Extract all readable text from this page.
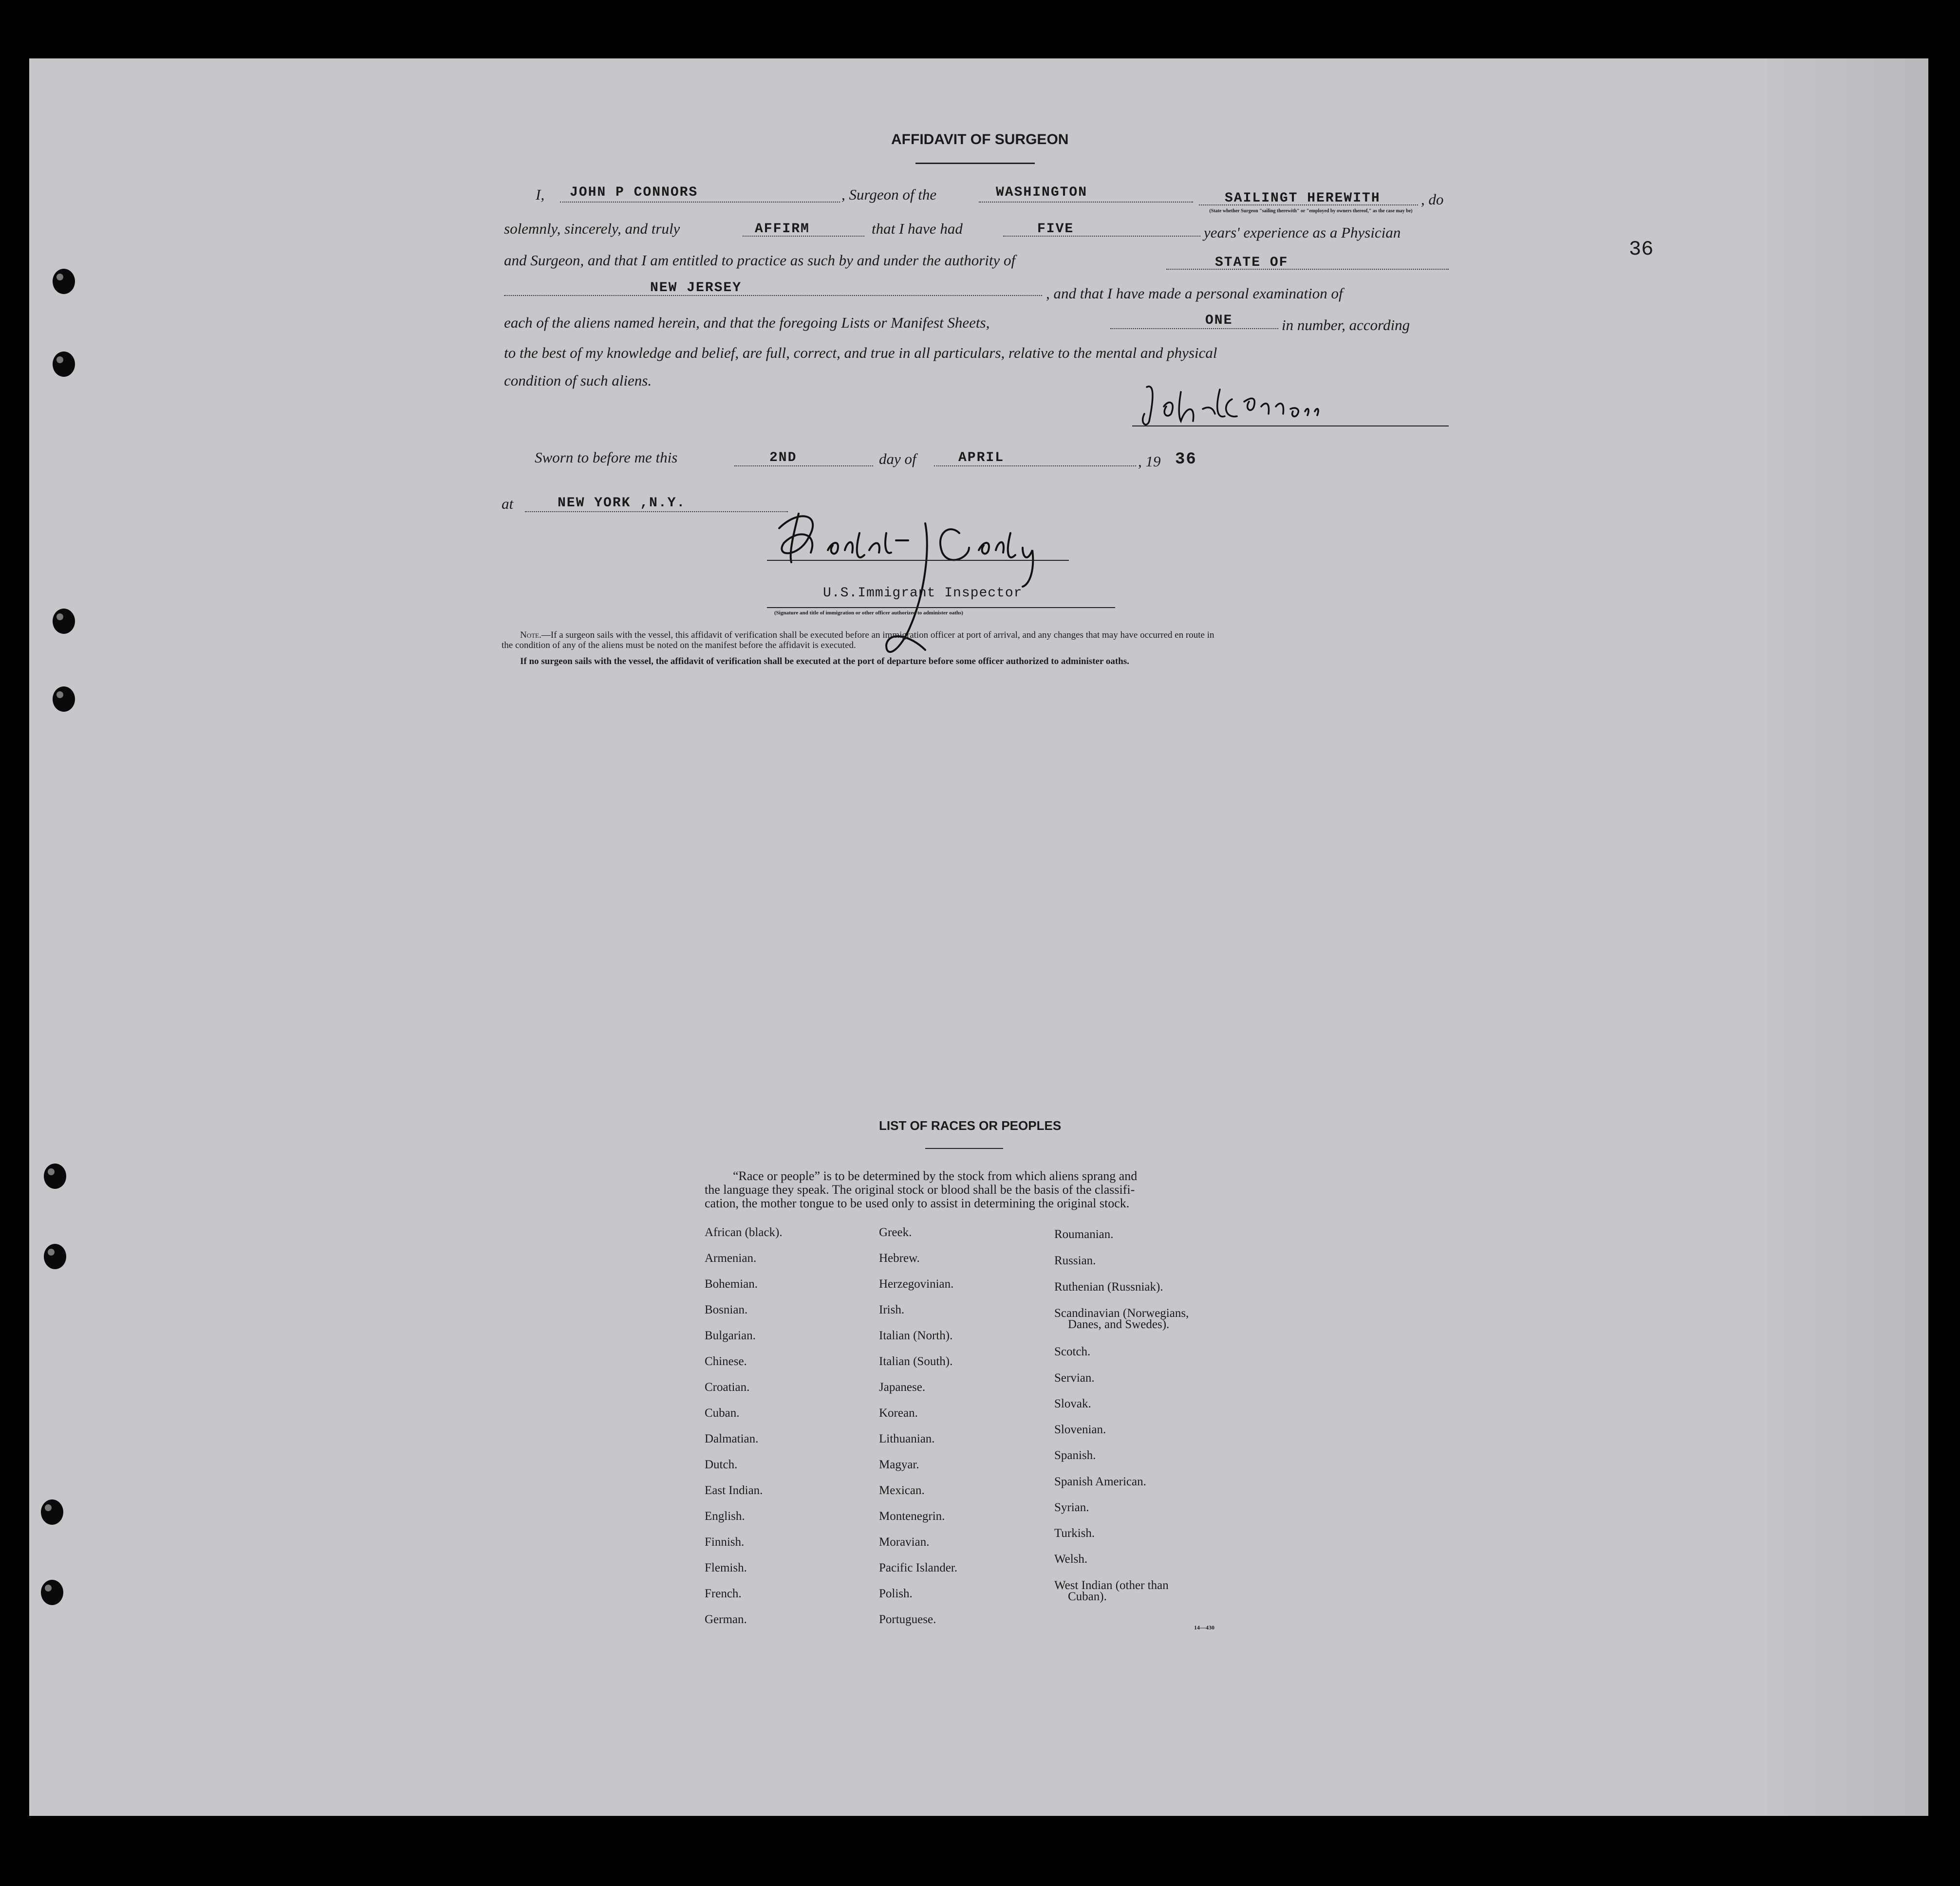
36
AFFIDAVIT OF SURGEON
I, JOHN P CONNORS	, Surgeon of the	WASHINGTON	SAILINGT HEREWITH	, do
(State whether Surgeon "sailing therewith" or "employed by owners thereof," as the case may be)
solemnly, sincerely, and truly	AFFIRM	that I have had	FIVE	years' experience as a Physician
and Surgeon, and that I am entitled to practice as such by and under the authority of	STATE OF
NEW JERSEY	, and that I have made a personal examination of
each of the aliens named herein, and that the foregoing Lists or Manifest Sheets,	ONE	in number, according
to the best of my knowledge and belief, are full, correct, and true in all particulars, relative to the mental and physical
condition of such aliens.
Sworn to before me this	2ND	day of	APRIL	, 19 36
at	NEW YORK ,N.Y.
U.S.Immigrant Inspector
(Signature and title of immigration or other officer authorized to administer oaths)
Note.—If a surgeon sails with the vessel, this affidavit of verification shall be executed before an immigration officer at port of arrival, and any changes that may have occurred en route in
the condition of any of the aliens must be noted on the manifest before the affidavit is executed.
If no surgeon sails with the vessel, the affidavit of verification shall be executed at the port of departure before some officer authorized to administer oaths.
LIST OF RACES OR PEOPLES
“Race or people” is to be determined by the stock from which aliens sprang and
the language they speak. The original stock or blood shall be the basis of the classifi-
cation, the mother tongue to be used only to assist in determining the original stock.
African (black).
Armenian.
Bohemian.
Bosnian.
Bulgarian.
Chinese.
Croatian.
Cuban.
Dalmatian.
Dutch.
East Indian.
English.
Finnish.
Flemish.
French.
German.
Greek.
Hebrew.
Herzegovinian.
Irish.
Italian (North).
Italian (South).
Japanese.
Korean.
Lithuanian.
Magyar.
Mexican.
Montenegrin.
Moravian.
Pacific Islander.
Polish.
Portuguese.
Roumanian.
Russian.
Ruthenian (Russniak).
Scandinavian (Norwegians,
Danes, and Swedes).
Scotch.
Servian.
Slovak.
Slovenian.
Spanish.
Spanish American.
Syrian.
Turkish.
Welsh.
West Indian (other than
Cuban).
14—430
